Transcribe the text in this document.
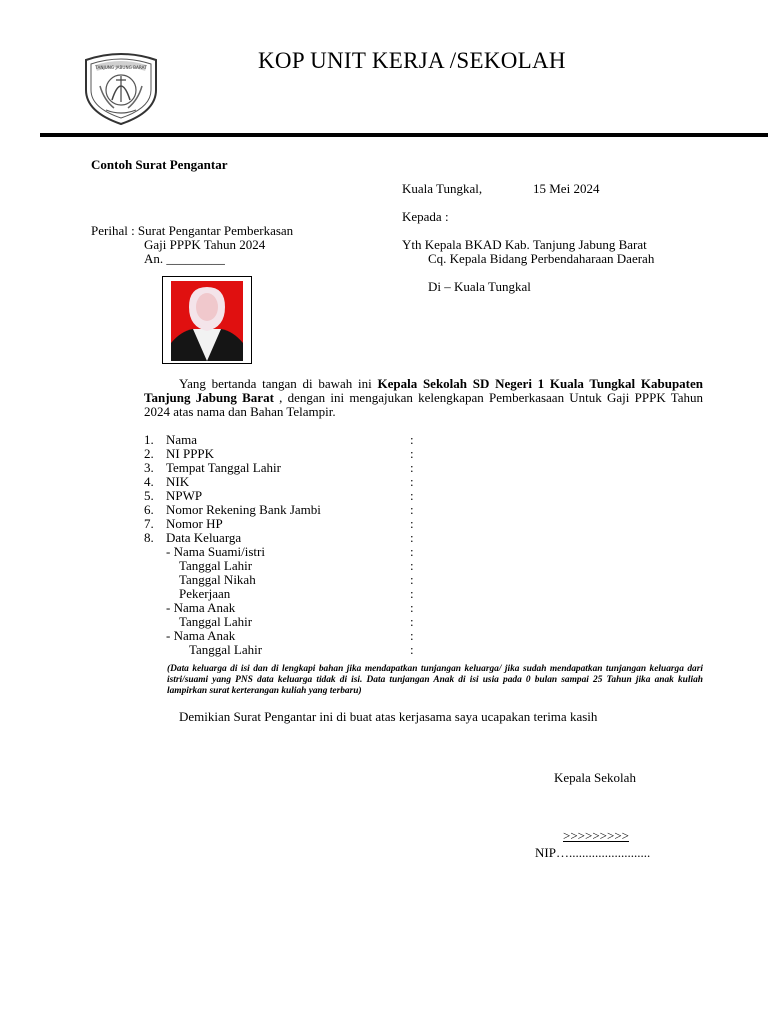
TANJUNG JABUNG BARAT	KOP UNIT KERJA /SEKOLAH
Contoh Surat Pengantar
Kuala Tungkal,	15 Mei 2024
Kepada :
Perihal : Surat Pengantar Pemberkasan
Gaji PPPK Tahun 2024
An. _________
Yth Kepala BKAD Kab. Tanjung Jabung Barat
Cq. Kepala Bidang Perbendaharaan Daerah
Di – Kuala Tungkal
Yang bertanda tangan di bawah ini Kepala Sekolah SD Negeri 1 Kuala Tungkal Kabupaten Tanjung Jabung Barat , dengan ini mengajukan kelengkapan Pemberkasaan Untuk Gaji PPPK Tahun 2024 atas nama dan Bahan Telampir.
1. Nama	:
2. NI PPPK	:
3. Tempat Tanggal Lahir	:
4. NIK	:
5. NPWP	:
6. Nomor Rekening Bank Jambi	:
7. Nomor HP	:
8. Data Keluarga	:
- Nama Suami/istri	:
Tanggal Lahir	:
Tanggal Nikah	:
Pekerjaan	:
- Nama Anak	:
Tanggal Lahir	:
- Nama Anak	:
Tanggal Lahir	:
(Data keluarga di isi dan di lengkapi bahan jika mendapatkan tunjangan keluarga/ jika sudah mendapatkan tunjangan keluarga dari istri/suami yang PNS data keluarga tidak di isi. Data tunjangan Anak di isi usia pada 0 bulan sampai 25 Tahun jika anak kuliah lampirkan surat kerterangan kuliah yang terbaru)
Demikian Surat Pengantar ini di buat atas kerjasama saya ucapakan terima kasih
Kepala Sekolah
>>>>>>>>>
NIP….........................
